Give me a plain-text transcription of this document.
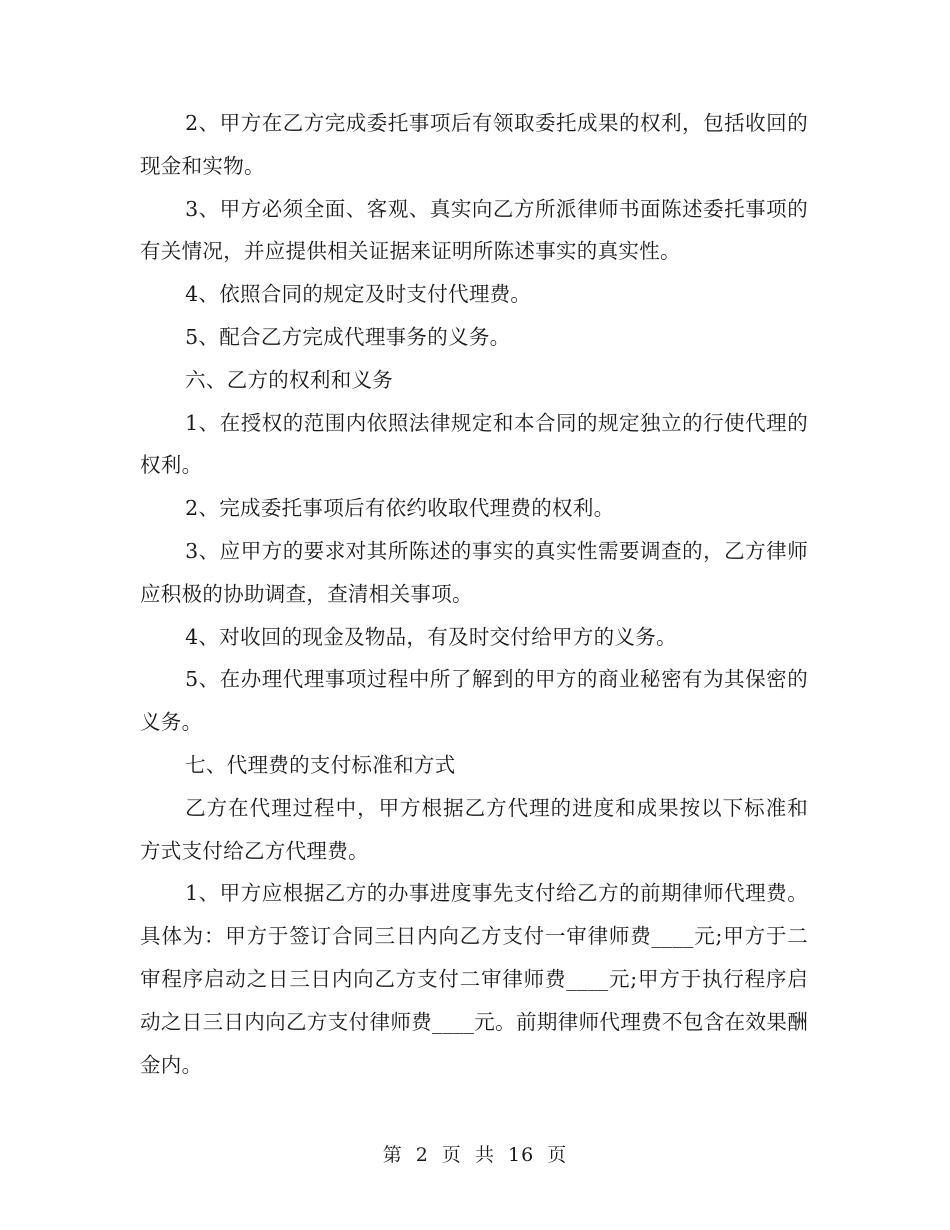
2、甲方在乙方完成委托事项后有领取委托成果的权利，包括收回的现金和实物。

3、甲方必须全面、客观、真实向乙方所派律师书面陈述委托事项的有关情况，并应提供相关证据来证明所陈述事实的真实性。

4、依照合同的规定及时支付代理费。

5、配合乙方完成代理事务的义务。

六、乙方的权利和义务

1、在授权的范围内依照法律规定和本合同的规定独立的行使代理的权利。

2、完成委托事项后有依约收取代理费的权利。

3、应甲方的要求对其所陈述的事实的真实性需要调查的，乙方律师应积极的协助调查，查清相关事项。

4、对收回的现金及物品，有及时交付给甲方的义务。

5、在办理代理事项过程中所了解到的甲方的商业秘密有为其保密的义务。

七、代理费的支付标准和方式

乙方在代理过程中，甲方根据乙方代理的进度和成果按以下标准和方式支付给乙方代理费。

1、甲方应根据乙方的办事进度事先支付给乙方的前期律师代理费。具体为：甲方于签订合同三日内向乙方支付一审律师费____元;甲方于二审程序启动之日三日内向乙方支付二审律师费____元;甲方于执行程序启动之日三日内向乙方支付律师费____元。前期律师代理费不包含在效果酬金内。

第 2 页 共 16 页
